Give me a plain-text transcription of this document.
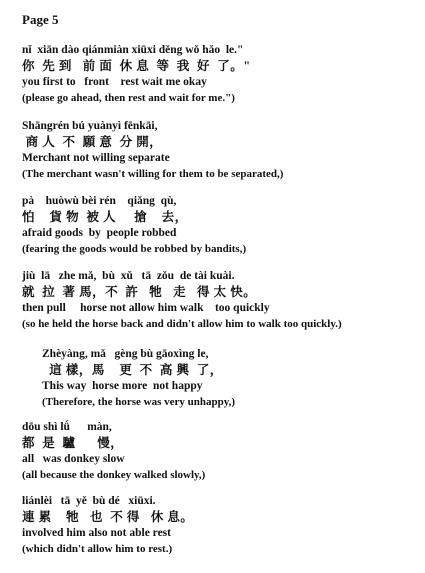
Page 5
nǐ  xiān dào qiánmiàn xiūxi děng wǒ hǎo  le."
你  先 到   前 面  休 息  等  我  好  了。"
you first to   front    rest wait me okay
(please go ahead, then rest and wait for me.")
Shāngrén bú yuànyì fēnkāi,
商 人  不  願 意  分 開，
Merchant not willing separate
(The merchant wasn't willing for them to be separated,)
pà    huòwù bèi rén    qiǎng  qù,
怕    貨 物  被 人     搶    去，
afraid goods  by  people robbed
(fearing the goods would be robbed by bandits,)
jiù  lā   zhe mǎ,  bù  xǔ   tā  zǒu  de tài kuài.
就  拉  著 馬，不  許   牠   走   得 太 快。
then pull     horse not allow him walk    too quickly
(so he held the horse back and didn't allow him to walk too quickly.)
Zhèyàng, mǎ   gèng bù gāoxìng le,
這 樣，馬    更  不  高 興  了，
This way  horse more  not happy
(Therefore, the horse was very unhappy,)
dōu shì lǘ      màn,
都  是  驢      慢，
all   was donkey slow
(all because the donkey walked slowly,)
liánlèi   tā  yě  bù dé   xiūxi.
連 累    牠   也  不 得   休 息。
involved him also not able rest
(which didn't allow him to rest.)
